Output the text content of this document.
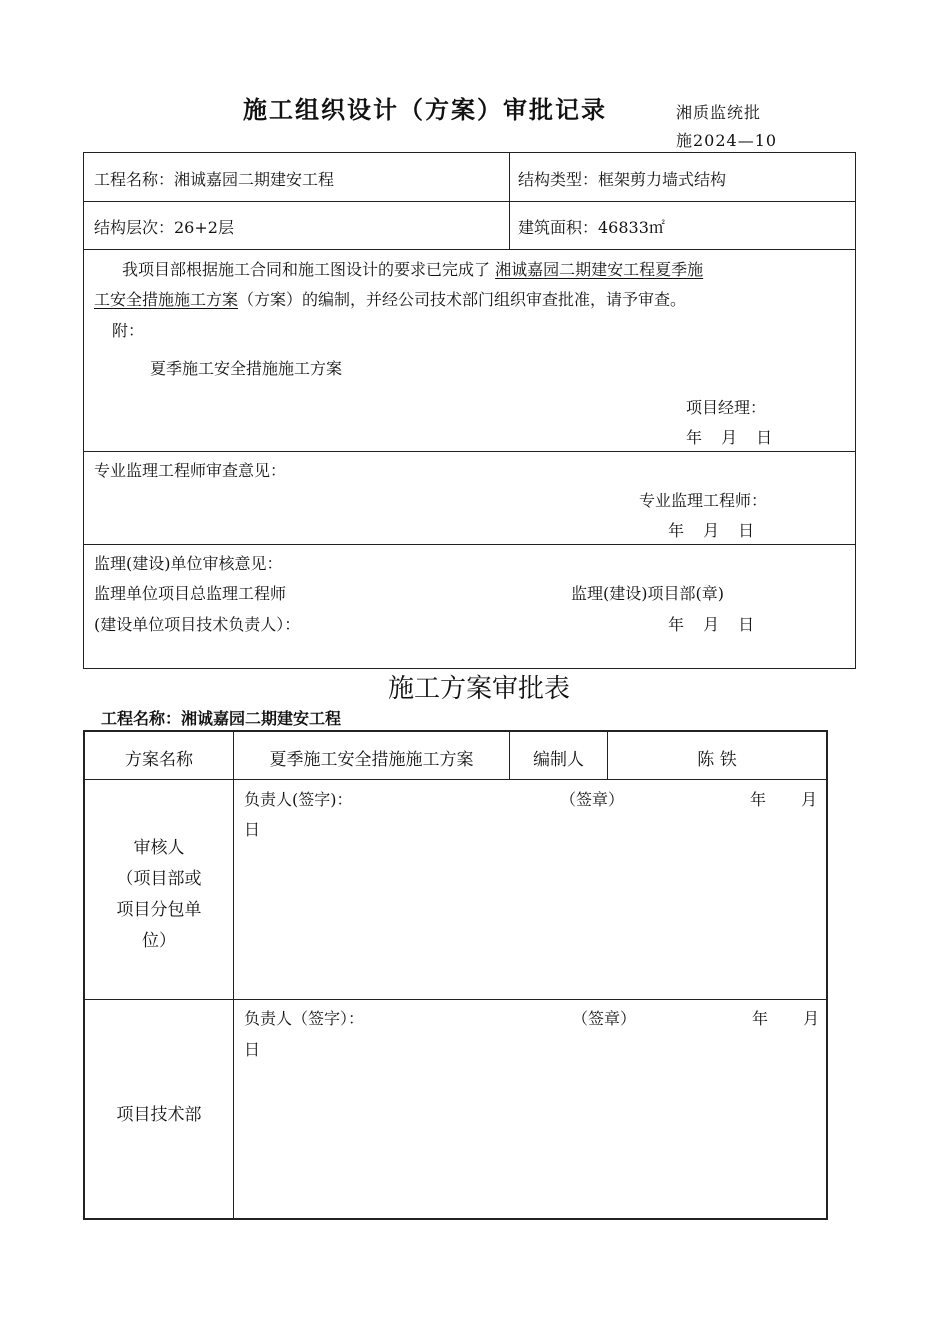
施工组织设计（方案）审批记录	湘质监统批
施2024—10
工程名称：湘诚嘉园二期建安工程	结构类型：框架剪力墙式结构
结构层次：26+2层	建筑面积：46833㎡
我项目部根据施工合同和施工图设计的要求已完成了 湘诚嘉园二期建安工程夏季施
工安全措施施工方案（方案）的编制，并经公司技术部门组织审查批准，请予审查。
附：
夏季施工安全措施施工方案
项目经理：
年 月 日
专业监理工程师审查意见：
专业监理工程师：
年 月 日
监理(建设)单位审核意见：
监理单位项目总监理工程师	监理(建设)项目部(章)
(建设单位项目技术负责人）：	年 月 日
施工方案审批表
工程名称：湘诚嘉园二期建安工程
方案名称	夏季施工安全措施施工方案	编制人	陈 铁
审核人
（项目部或
项目分包单
位）
负责人(签字)：	（签章）	年 月
日
项目技术部
负责人（签字）：	（签章）	年 月
日
